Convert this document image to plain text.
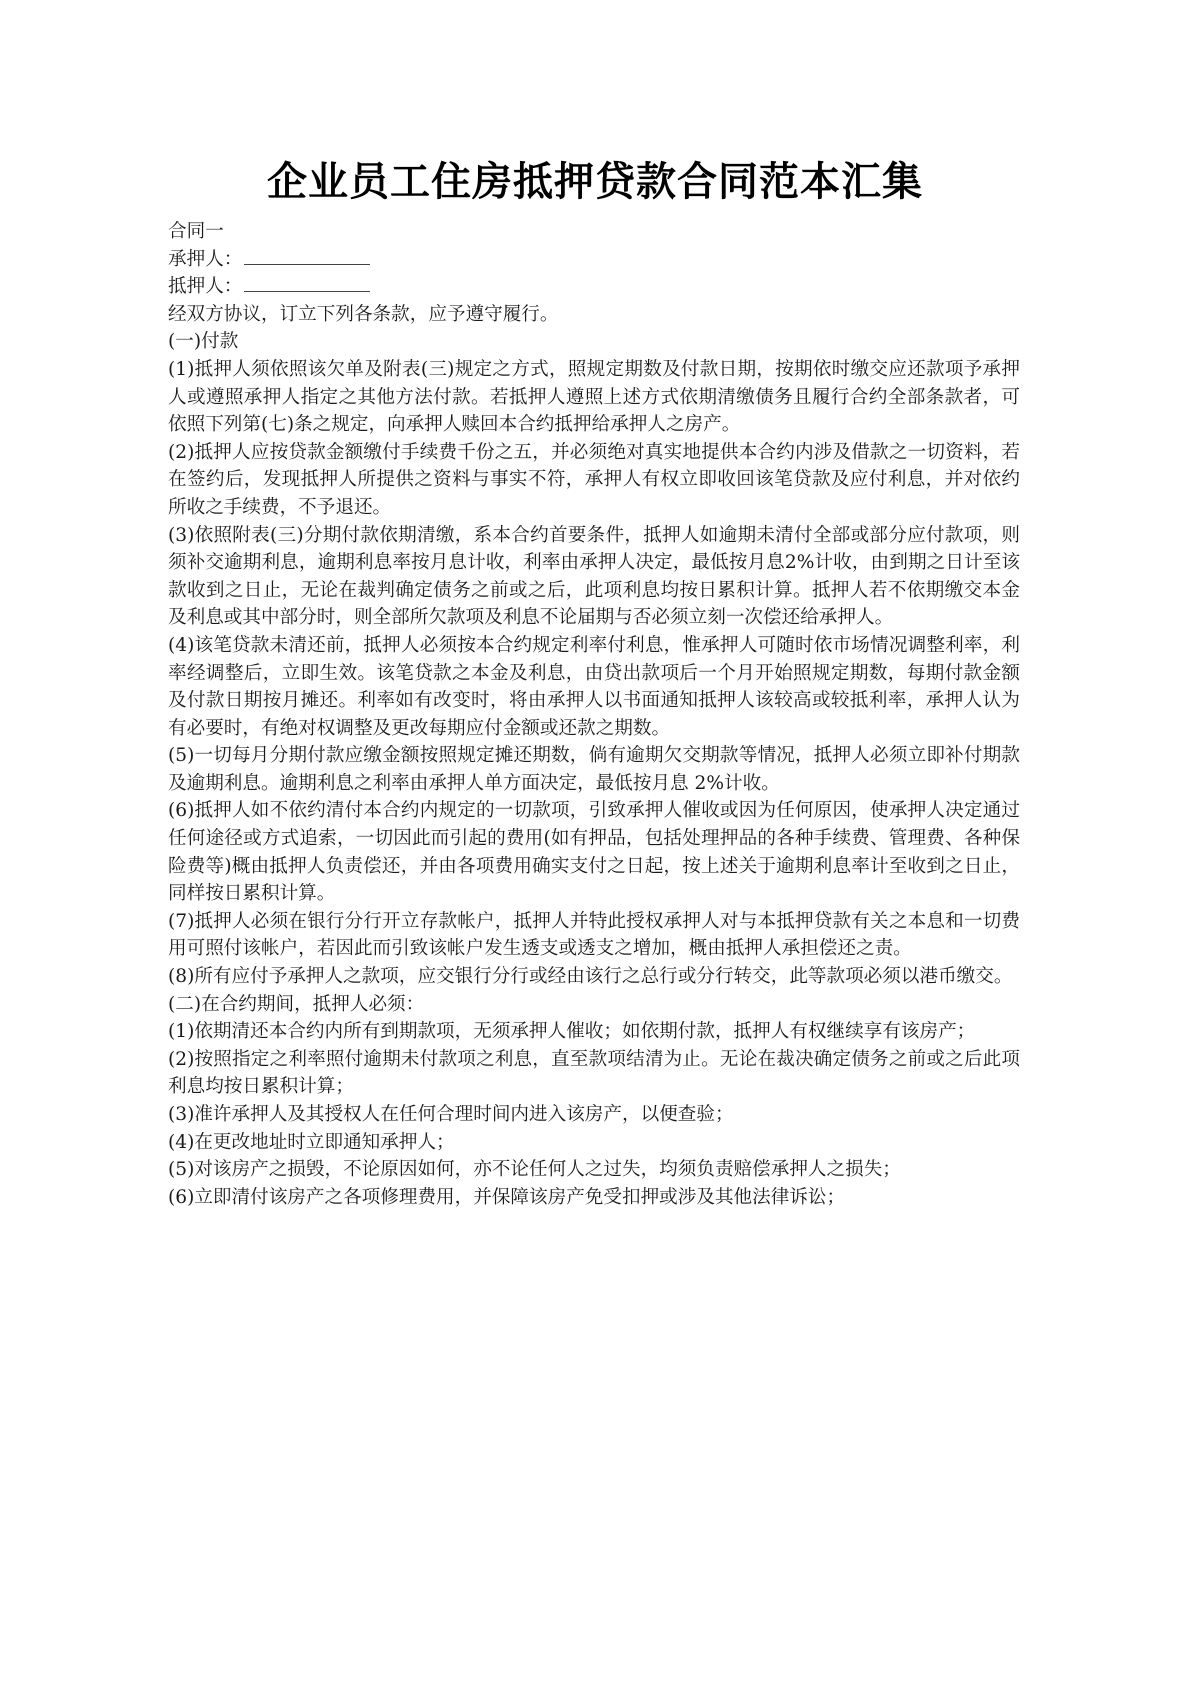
企业员工住房抵押贷款合同范本汇集

合同一

承押人：

抵押人：

经双方协议，订立下列各条款，应予遵守履行。

(一)付款

(1)抵押人须依照该欠单及附表(三)规定之方式，照规定期数及付款日期，按期依时缴交应还款项予承押人或遵照承押人指定之其他方法付款。若抵押人遵照上述方式依期清缴债务且履行合约全部条款者，可依照下列第(七)条之规定，向承押人赎回本合约抵押给承押人之房产。

(2)抵押人应按贷款金额缴付手续费千份之五，并必须绝对真实地提供本合约内涉及借款之一切资料，若在签约后，发现抵押人所提供之资料与事实不符，承押人有权立即收回该笔贷款及应付利息，并对依约所收之手续费，不予退还。

(3)依照附表(三)分期付款依期清缴，系本合约首要条件，抵押人如逾期未清付全部或部分应付款项，则须补交逾期利息，逾期利息率按月息计收，利率由承押人决定，最低按月息2%计收，由到期之日计至该款收到之日止，无论在裁判确定债务之前或之后，此项利息均按日累积计算。抵押人若不依期缴交本金及利息或其中部分时，则全部所欠款项及利息不论届期与否必须立刻一次偿还给承押人。

(4)该笔贷款未清还前，抵押人必须按本合约规定利率付利息，惟承押人可随时依市场情况调整利率，利率经调整后，立即生效。该笔贷款之本金及利息，由贷出款项后一个月开始照规定期数，每期付款金额及付款日期按月摊还。利率如有改变时，将由承押人以书面通知抵押人该较高或较抵利率，承押人认为有必要时，有绝对权调整及更改每期应付金额或还款之期数。

(5)一切每月分期付款应缴金额按照规定摊还期数，倘有逾期欠交期款等情况，抵押人必须立即补付期款及逾期利息。逾期利息之利率由承押人单方面决定，最低按月息 2%计收。

(6)抵押人如不依约清付本合约内规定的一切款项，引致承押人催收或因为任何原因，使承押人决定通过任何途径或方式追索，一切因此而引起的费用(如有押品，包括处理押品的各种手续费、管理费、各种保险费等)概由抵押人负责偿还，并由各项费用确实支付之日起，按上述关于逾期利息率计至收到之日止，同样按日累积计算。

(7)抵押人必须在银行分行开立存款帐户，抵押人并特此授权承押人对与本抵押贷款有关之本息和一切费用可照付该帐户，若因此而引致该帐户发生透支或透支之增加，概由抵押人承担偿还之责。

(8)所有应付予承押人之款项，应交银行分行或经由该行之总行或分行转交，此等款项必须以港币缴交。

(二)在合约期间，抵押人必须：

(1)依期清还本合约内所有到期款项，无须承押人催收；如依期付款，抵押人有权继续享有该房产；

(2)按照指定之利率照付逾期未付款项之利息，直至款项结清为止。无论在裁决确定债务之前或之后此项利息均按日累积计算；

(3)准许承押人及其授权人在任何合理时间内进入该房产，以便查验；

(4)在更改地址时立即通知承押人；

(5)对该房产之损毁，不论原因如何，亦不论任何人之过失，均须负责赔偿承押人之损失；

(6)立即清付该房产之各项修理费用，并保障该房产免受扣押或涉及其他法律诉讼；
